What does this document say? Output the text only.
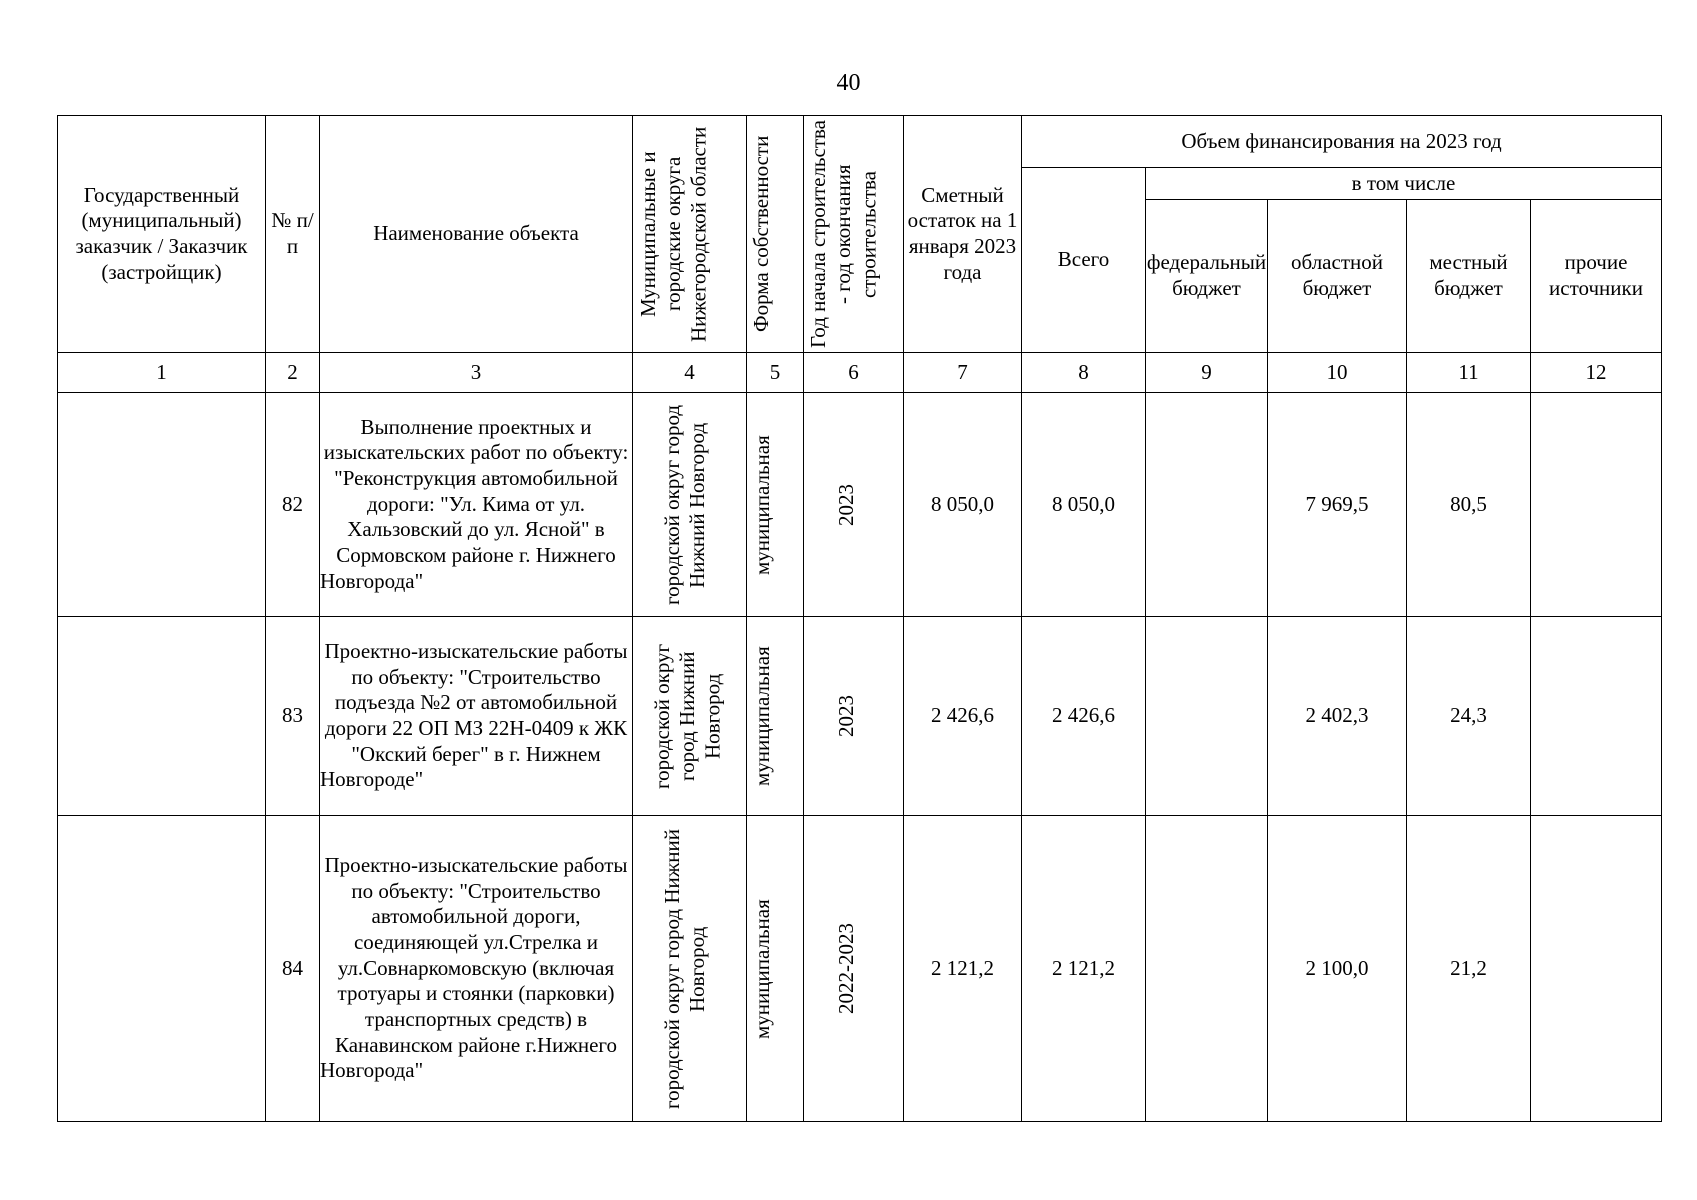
40
Государственный (муниципальный) заказчик / Заказчик (застройщик)	№ п/п	Наименование объекта	Муниципальные и городские округа Нижегородской области	Форма собственности	Год начала строительства - год окончания строительства	Сметный остаток на 1 января 2023 года	Объем финансирования на 2023 год				
							Всего	в том числе			
								федеральный бюджет	областной бюджет	местный бюджет	прочие источники
1	2	3	4	5	6	7	8	9	10	11	12
	82	Выполнение проектных и изыскательских работ по объекту: "Реконструкция автомобильной дороги: "Ул. Кима от ул. Хальзовский до ул. Ясной" в Сормовском районе г. Нижнего Новгорода"	городской округ город Нижний Новгород	муниципальная	2023	8 050,0	8 050,0		7 969,5	80,5	
	83	Проектно-изыскательские работы по объекту: "Строительство подъезда №2 от автомобильной дороги 22 ОП МЗ 22Н-0409 к ЖК "Окский берег" в г. Нижнем Новгороде"	городской округ город Нижний Новгород	муниципальная	2023	2 426,6	2 426,6		2 402,3	24,3	
	84	Проектно-изыскательские работы по объекту: "Строительство автомобильной дороги, соединяющей ул.Стрелка и ул.Совнаркомовскую (включая тротуары и стоянки (парковки) транспортных средств) в Канавинском районе г.Нижнего Новгорода"	городской округ город Нижний Новгород	муниципальная	2022-2023	2 121,2	2 121,2		2 100,0	21,2	
